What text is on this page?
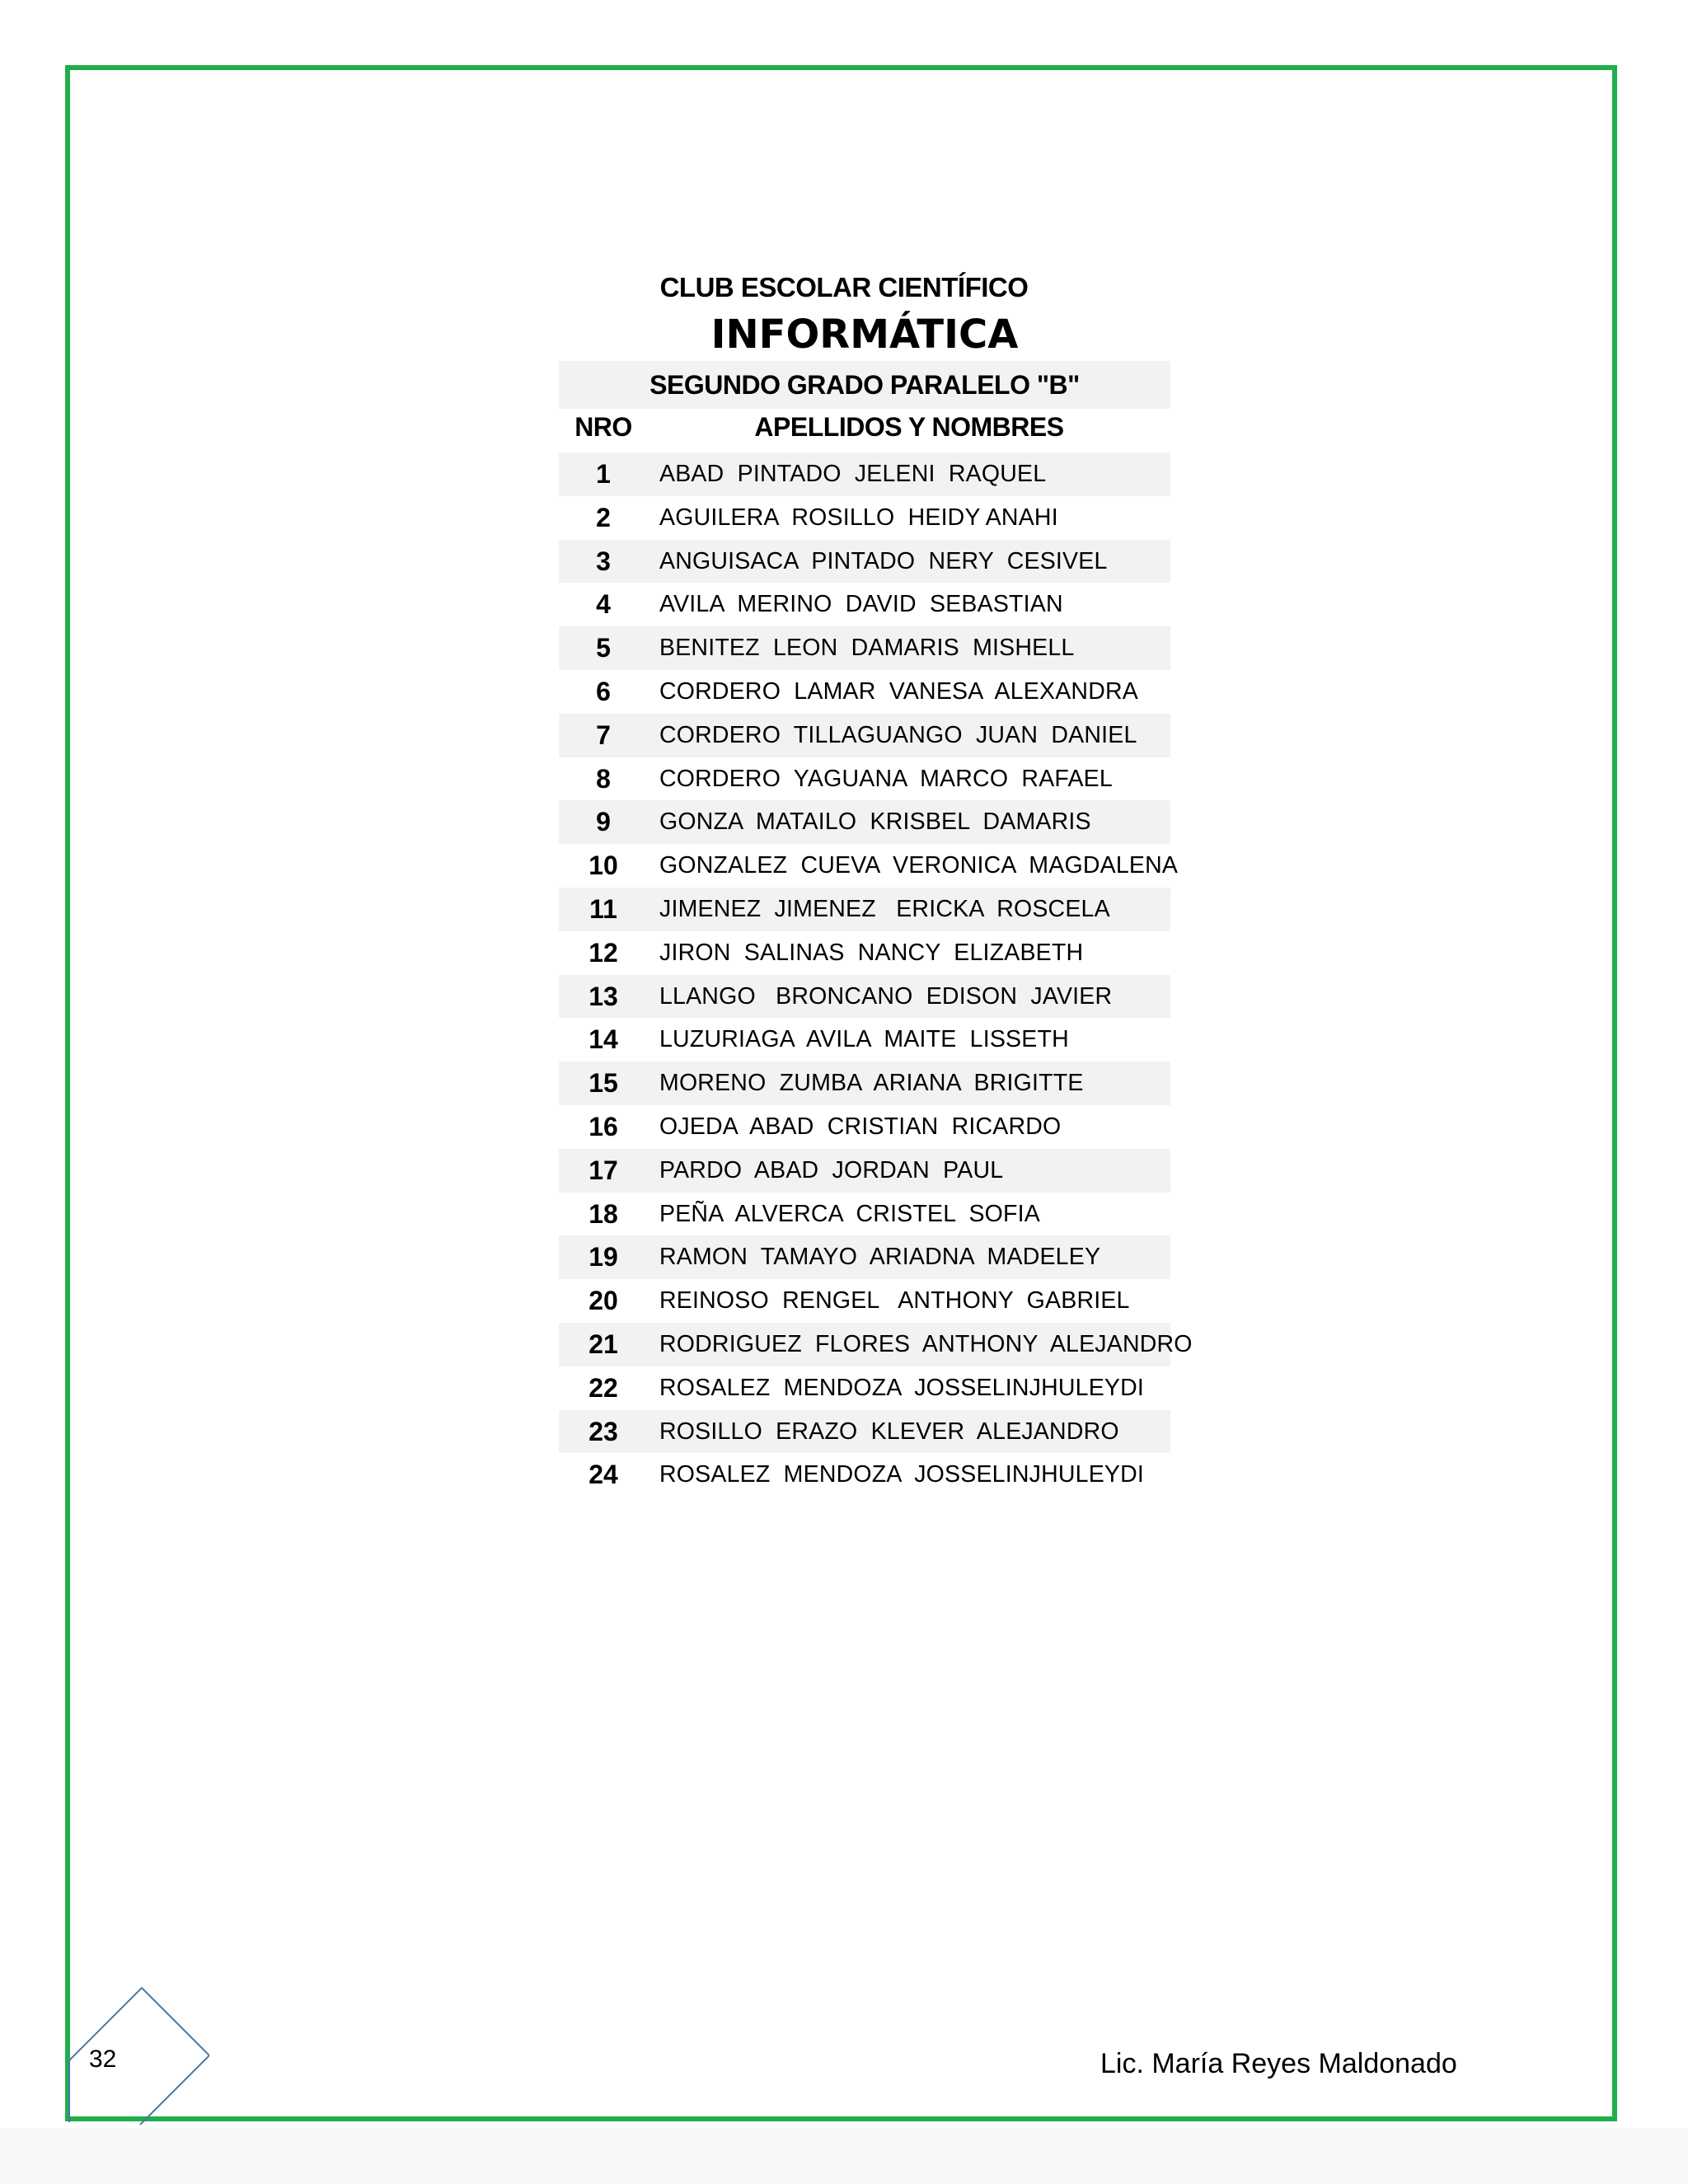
CLUB ESCOLAR CIENTÍFICO
INFORMÁTICA
SEGUNDO GRADO PARALELO "B"
NRO	APELLIDOS Y NOMBRES
1	ABAD  PINTADO  JELENI  RAQUEL
2	AGUILERA  ROSILLO  HEIDY ANAHI
3	ANGUISACA  PINTADO  NERY  CESIVEL
4	AVILA  MERINO  DAVID  SEBASTIAN
5	BENITEZ  LEON  DAMARIS  MISHELL
6	CORDERO  LAMAR  VANESA  ALEXANDRA
7	CORDERO  TILLAGUANGO  JUAN  DANIEL
8	CORDERO  YAGUANA  MARCO  RAFAEL
9	GONZA  MATAILO  KRISBEL  DAMARIS
10	GONZALEZ  CUEVA  VERONICA  MAGDALENA
11	JIMENEZ  JIMENEZ   ERICKA  ROSCELA
12	JIRON  SALINAS  NANCY  ELIZABETH
13	LLANGO   BRONCANO  EDISON  JAVIER
14	LUZURIAGA  AVILA  MAITE  LISSETH
15	MORENO  ZUMBA  ARIANA  BRIGITTE
16	OJEDA  ABAD  CRISTIAN  RICARDO
17	PARDO  ABAD  JORDAN  PAUL
18	PEÑA  ALVERCA  CRISTEL  SOFIA
19	RAMON  TAMAYO  ARIADNA  MADELEY
20	REINOSO  RENGEL   ANTHONY  GABRIEL
21	RODRIGUEZ  FLORES  ANTHONY  ALEJANDRO
22	ROSALEZ  MENDOZA  JOSSELINJHULEYDI
23	ROSILLO  ERAZO  KLEVER  ALEJANDRO
24	ROSALEZ  MENDOZA  JOSSELINJHULEYDI
32	Lic. María Reyes Maldonado
